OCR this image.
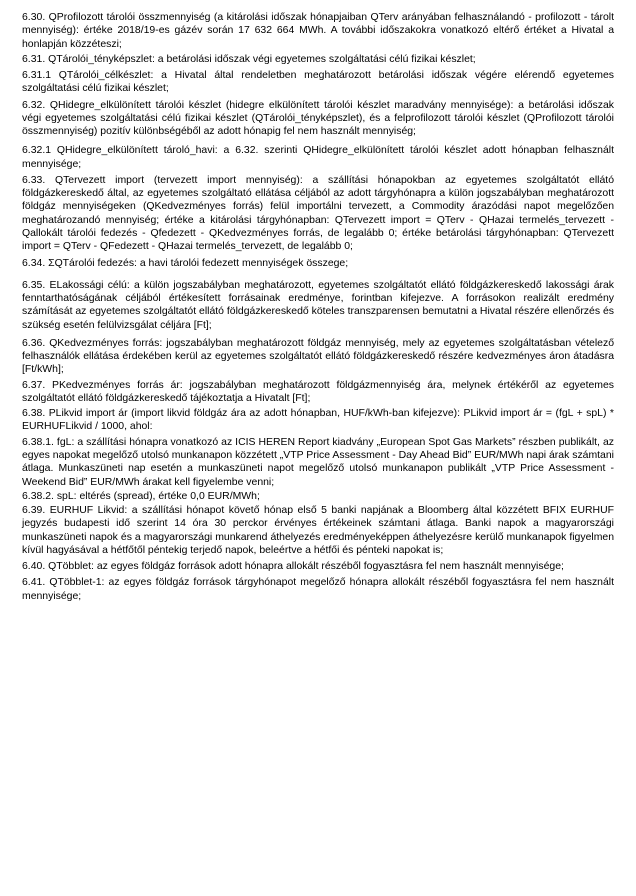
6.30. QProfilozott tárolói összmennyiség (a kitárolási időszak hónapjaiban QTerv arányában felhasználandó - profilozott - tárolt mennyiség): értéke 2018/19-es gázév során 17 632 664 MWh. A további időszakokra vonatkozó eltérő értéket a Hivatal a honlapján közzéteszi;

6.31. QTárolói_tényképszlet: a betárolási időszak végi egyetemes szolgáltatási célú fizikai készlet;

6.31.1 QTárolói_célkészlet: a Hivatal által rendeletben meghatározott betárolási időszak végére elérendő egyetemes szolgáltatási célú fizikai készlet;

6.32. QHidegre_elkülönített tárolói készlet (hidegre elkülönített tárolói készlet maradvány mennyisége): a betárolási időszak végi egyetemes szolgáltatási célú fizikai készlet (QTárolói_tényképszlet), és a felprofilozott tárolói készlet (QProfilozott tárolói összmennyiség) pozitív különbségéből az adott hónapig fel nem használt mennyiség;

6.32.1 QHidegre_elkülönített tároló_havi: a 6.32. szerinti QHidegre_elkülönített tárolói készlet adott hónapban felhasznált mennyisége;

6.33. QTervezett import (tervezett import mennyiség): a szállítási hónapokban az egyetemes szolgáltatót ellátó földgázkereskedő által, az egyetemes szolgáltató ellátása céljából az adott tárgyhónapra a külön jogszabályban meghatározott földgáz mennyiségeken (QKedvezményes forrás) felül importálni tervezett, a Commodity árazódási napot megelőzően meghatározandó mennyiség; értéke a kitárolási tárgyhónapban: QTervezett import = QTerv - QHazai termelés_tervezett - Qallokált tárolói fedezés - Qfedezett - QKedvezményes forrás, de legalább 0; értéke betárolási tárgyhónapban: QTervezett import = QTerv - QFedezett - QHazai termelés_tervezett, de legalább 0;

6.34. ΣQTárolói fedezés: a havi tárolói fedezett mennyiségek összege;

6.35. ELakossági célú: a külön jogszabályban meghatározott, egyetemes szolgáltatót ellátó földgázkereskedő lakossági árak fenntarthatóságának céljából értékesített forrásainak eredménye, forintban kifejezve. A forrásokon realizált eredmény számítását az egyetemes szolgáltatót ellátó földgázkereskedő köteles transzparensen bemutatni a Hivatal részére ellenőrzés és szükség esetén felülvizsgálat céljára [Ft];

6.36. QKedvezményes forrás: jogszabályban meghatározott földgáz mennyiség, mely az egyetemes szolgáltatásban vételező felhasználók ellátása érdekében kerül az egyetemes szolgáltatót ellátó földgázkereskedő részére kedvezményes áron átadásra [Ft/kWh];

6.37. PKedvezményes forrás ár: jogszabályban meghatározott földgázmennyiség ára, melynek értékéről az egyetemes szolgáltatót ellátó földgázkereskedő tájékoztatja a Hivatalt [Ft];

6.38. PLikvid import ár (import likvid földgáz ára az adott hónapban, HUF/kWh-ban kifejezve): PLikvid import ár = (fgL + spL) * EURHUFLikvid / 1000, ahol:

6.38.1. fgL: a szállítási hónapra vonatkozó az ICIS HEREN Report kiadvány „European Spot Gas Markets” részben publikált, az egyes napokat megelőző utolsó munkanapon közzétett „VTP Price Assessment - Day Ahead Bid” EUR/MWh napi árak számtani átlaga. Munkaszüneti nap esetén a munkaszüneti napot megelőző utolsó munkanapon publikált „VTP Price Assessment - Weekend Bid” EUR/MWh árakat kell figyelembe venni;

6.38.2. spL: eltérés (spread), értéke 0,0 EUR/MWh;

6.39. EURHUF Likvid: a szállítási hónapot követő hónap első 5 banki napjának a Bloomberg által közzétett BFIX EURHUF jegyzés budapesti idő szerint 14 óra 30 perckor érvényes értékeinek számtani átlaga. Banki napok a magyarországi munkaszüneti napok és a magyarországi munkarend áthelyezés eredményeképpen áthelyezésre kerülő munkanapok figyelmen kívül hagyásával a hétfőtől péntekig terjedő napok, beleértve a hétfői és pénteki napokat is;

6.40. QTöbblet: az egyes földgáz források adott hónapra allokált részéből fogyasztásra fel nem használt mennyisége;

6.41. QTöbblet-1: az egyes földgáz források tárgyhónapot megelőző hónapra allokált részéből fogyasztásra fel nem használt mennyisége;
